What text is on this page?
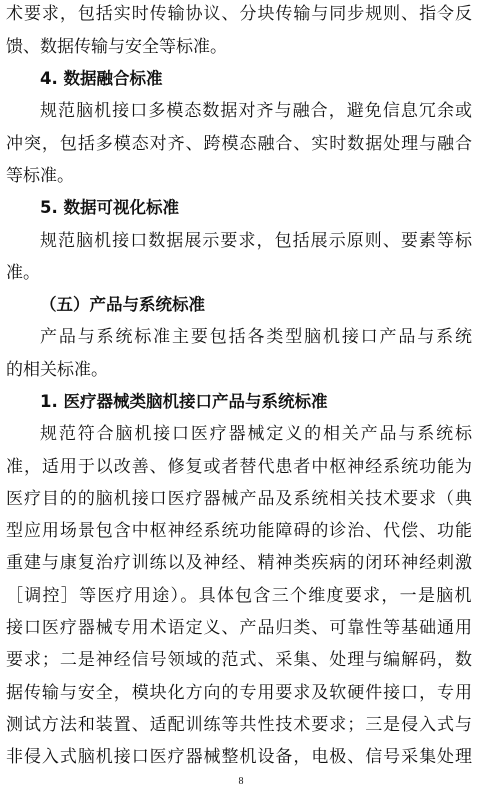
术要求，包括实时传输协议、分块传输与同步规则、指令反
馈、数据传输与安全等标准。
4. 数据融合标准
规范脑机接口多模态数据对齐与融合，避免信息冗余或
冲突，包括多模态对齐、跨模态融合、实时数据处理与融合
等标准。
5. 数据可视化标准
规范脑机接口数据展示要求，包括展示原则、要素等标
准。
（五）产品与系统标准
产品与系统标准主要包括各类型脑机接口产品与系统
的相关标准。
1. 医疗器械类脑机接口产品与系统标准
规范符合脑机接口医疗器械定义的相关产品与系统标
准，适用于以改善、修复或者替代患者中枢神经系统功能为
医疗目的的脑机接口医疗器械产品及系统相关技术要求（典
型应用场景包含中枢神经系统功能障碍的诊治、代偿、功能
重建与康复治疗训练以及神经、精神类疾病的闭环神经刺激
［调控］等医疗用途）。具体包含三个维度要求，一是脑机
接口医疗器械专用术语定义、产品归类、可靠性等基础通用
要求；二是神经信号领域的范式、采集、处理与编解码，数
据传输与安全，模块化方向的专用要求及软硬件接口，专用
测试方法和装置、适配训练等共性技术要求；三是侵入式与
非侵入式脑机接口医疗器械整机设备，电极、信号采集处理
8
